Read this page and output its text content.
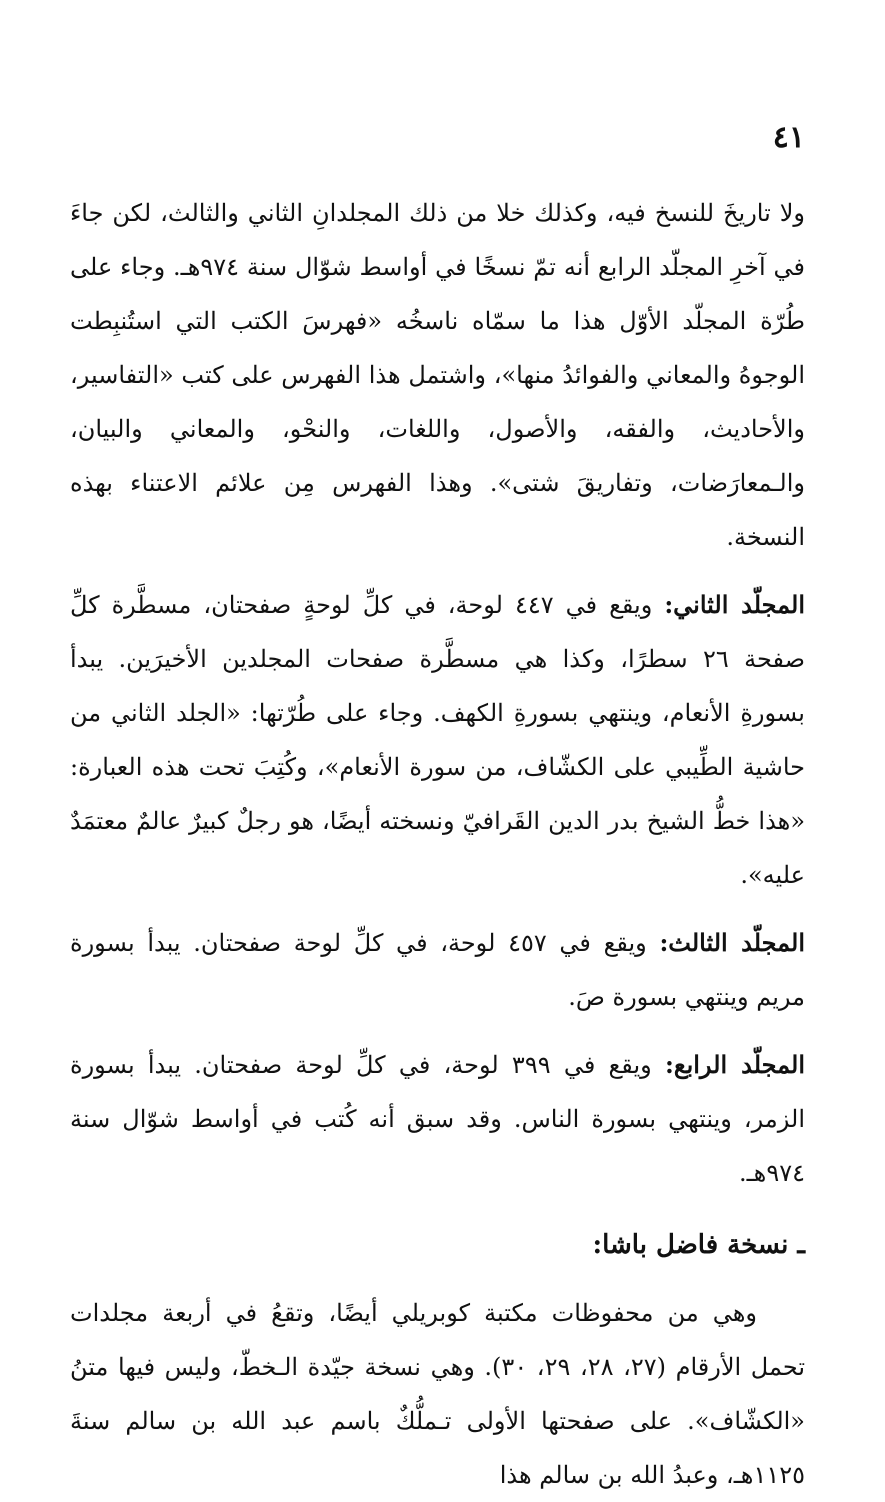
٤١

ولا تاريخَ للنسخ فيه، وكذلك خلا من ذلك المجلدانِ الثاني والثالث، لكن جاءَ في آخرِ المجلّد الرابع أنه تمّ نسخًا في أواسط شوّال سنة ٩٧٤هـ. وجاء على طُرّة المجلّد الأوّل هذا ما سمّاه ناسخُه «فهرسَ الكتب التي استُنبِطت الوجوهُ والمعاني والفوائدُ منها»، واشتمل هذا الفهرس على كتب «التفاسير، والأحاديث، والفقه، والأصول، واللغات، والنحْو، والمعاني والبيان، والـمعارَضات، وتفاريقَ شتى». وهذا الفهرس مِن علائم الاعتناء بهذه النسخة.

المجلّد الثاني: ويقع في ٤٤٧ لوحة، في كلِّ لوحةٍ صفحتان، مسطَّرة كلِّ صفحة ٢٦ سطرًا، وكذا هي مسطَّرة صفحات المجلدين الأخيرَين. يبدأ بسورةِ الأنعام، وينتهي بسورةِ الكهف. وجاء على طُرّتها: «الجلد الثاني من حاشية الطِّيبي على الكشّاف، من سورة الأنعام»، وكُتِبَ تحت هذه العبارة: «هذا خطُّ الشيخ بدر الدين القَرافيّ ونسخته أيضًا، هو رجلٌ كبيرٌ عالمٌ معتمَدٌ عليه».

المجلّد الثالث: ويقع في ٤٥٧ لوحة، في كلِّ لوحة صفحتان. يبدأ بسورة مريم وينتهي بسورة صَ.

المجلّد الرابع: ويقع في ٣٩٩ لوحة، في كلِّ لوحة صفحتان. يبدأ بسورة الزمر، وينتهي بسورة الناس. وقد سبق أنه كُتب في أواسط شوّال سنة ٩٧٤هـ.

ـ نسخة فاضل باشا:

وهي من محفوظات مكتبة كوبريلي أيضًا، وتقعُ في أربعة مجلدات تحمل الأرقام (٢٧، ٢٨، ٢٩، ٣٠). وهي نسخة جيّدة الـخطّ، وليس فيها متنُ «الكشّاف». على صفحتها الأولى تـملُّكٌ باسم عبد الله بن سالم سنةَ ١١٢٥هـ، وعبدُ الله بن سالم هذا
